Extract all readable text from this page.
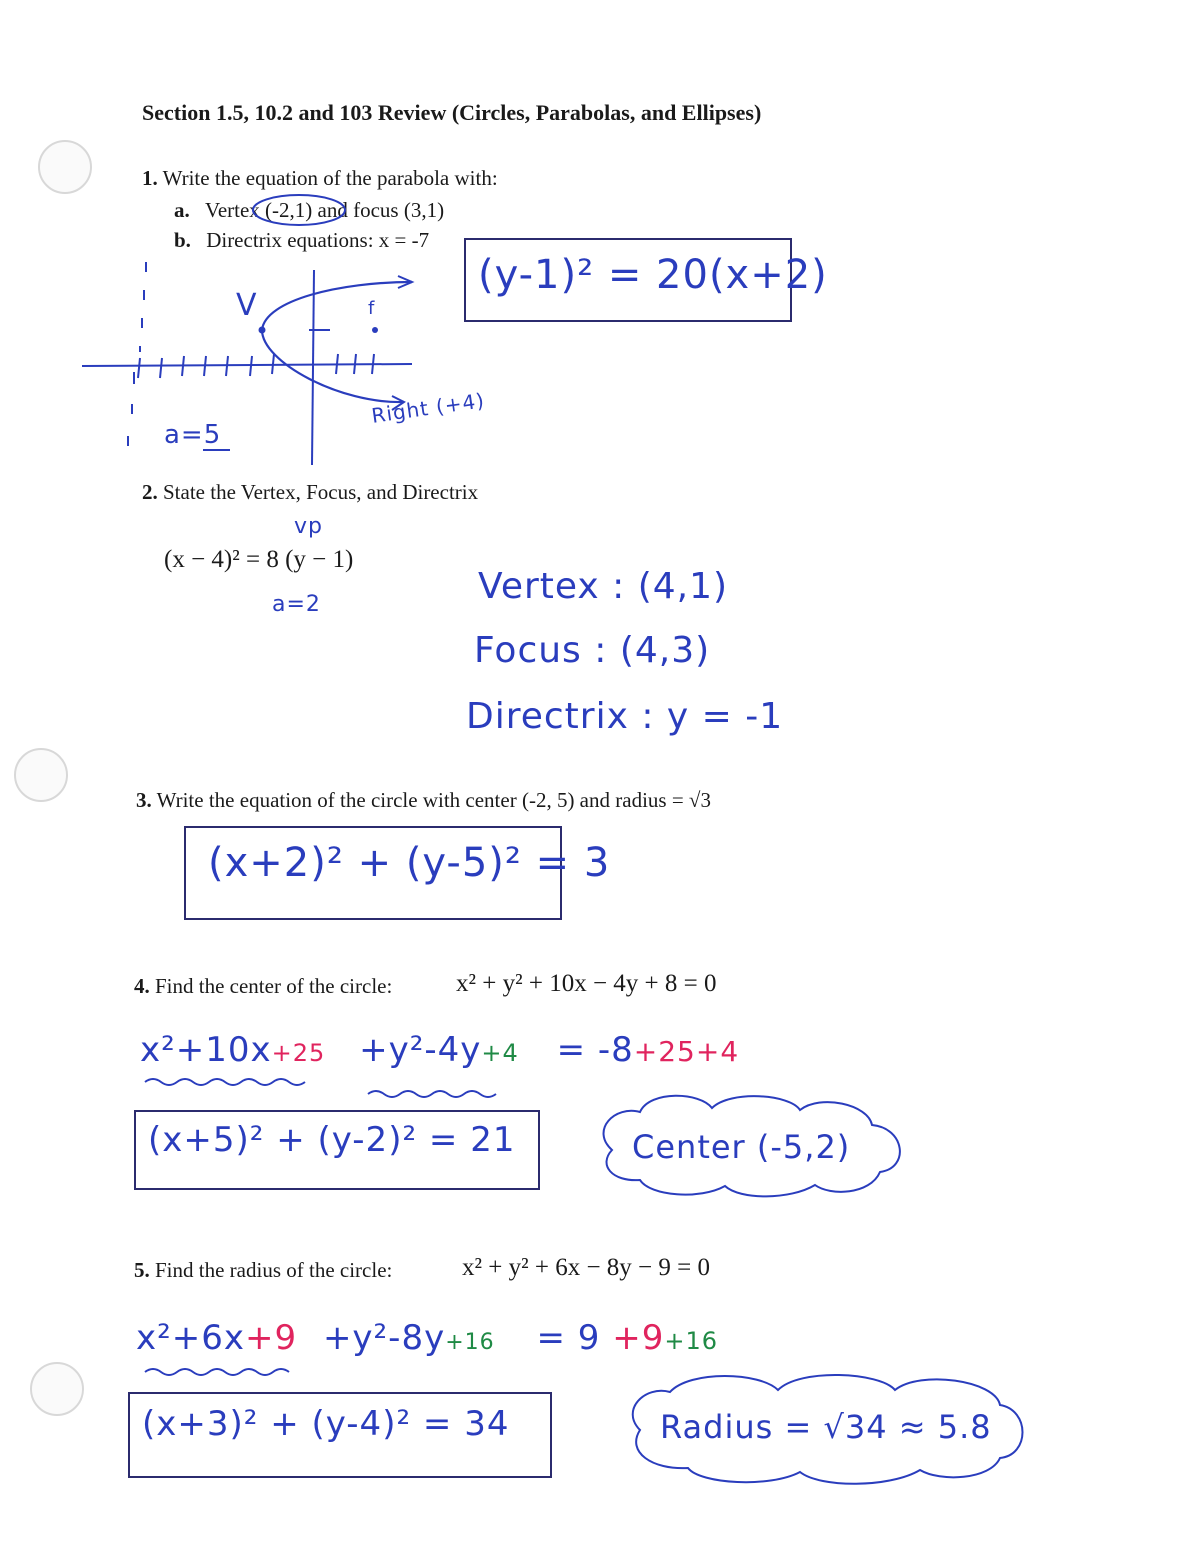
Section 1.5, 10.2 and 103 Review (Circles, Parabolas, and Ellipses)
1. Write the equation of the parabola with:
a. Vertex (-2,1) and focus (3,1)
b. Directrix equations: x = -7
(y-1)² = 20(x+2)
V	f
a=5
Right (+4)
2. State the Vertex, Focus, and Directrix
vp
(x − 4)² = 8 (y − 1)
a=2	Vertex : (4,1)
Focus : (4,3)
Directrix : y = -1
3. Write the equation of the circle with center (-2, 5) and radius = √3
(x+2)² + (y-5)² = 3
4. Find the center of the circle:	x² + y² + 10x − 4y + 8 = 0
x²+10x+25 +y²-4y+4 = -8+25+4
(x+5)² + (y-2)² = 21	Center (-5,2)
5. Find the radius of the circle:	x² + y² + 6x − 8y − 9 = 0
x²+6x+9 +y²-8y+16 = 9 +9+16
(x+3)² + (y-4)² = 34	Radius = √34 ≈ 5.8
